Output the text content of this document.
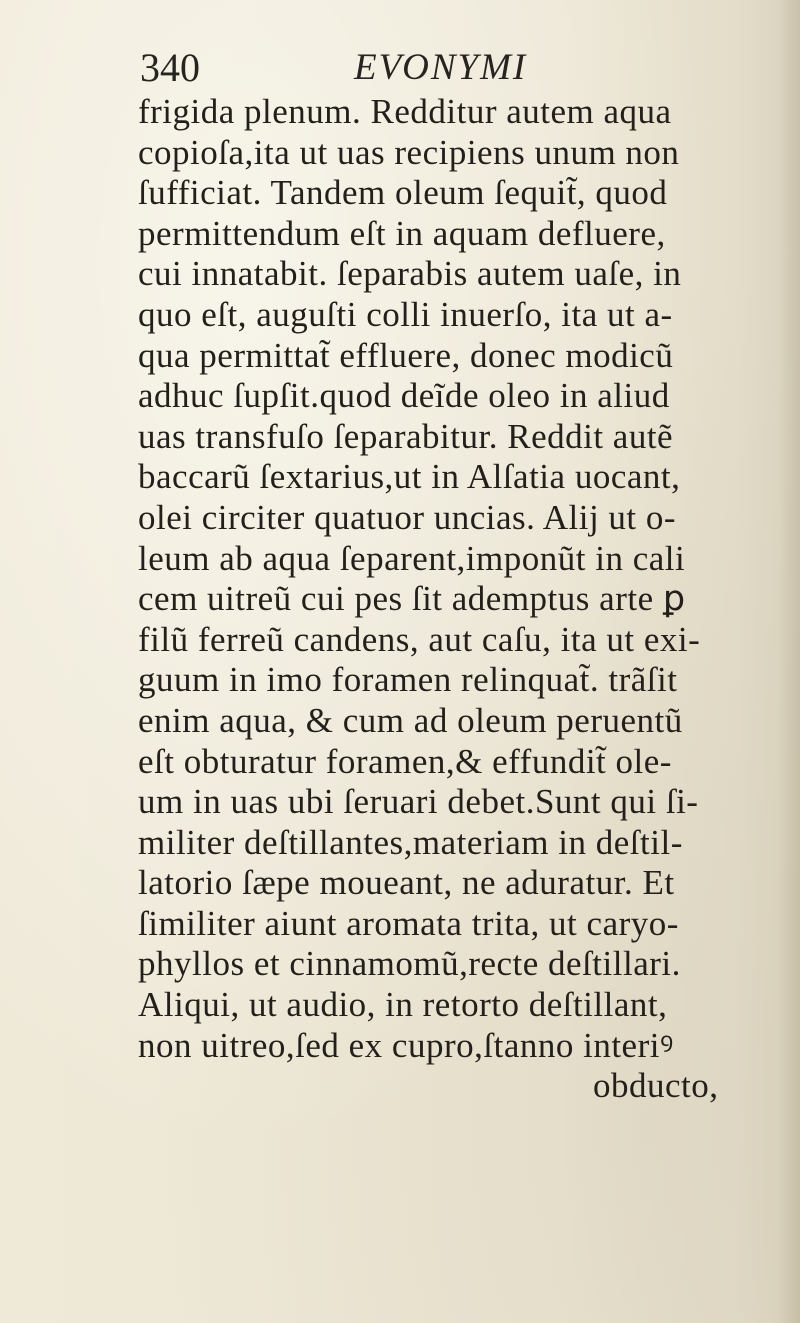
340	EVONYMI
frigida plenum. Redditur autem aqua
copioſa,ita ut uas recipiens unum non
ſufficiat. Tandem oleum ſequit̃, quod
permittendum eſt in aquam defluere,
cui innatabit. ſeparabis autem uaſe, in
quo eſt, auguſti colli inuerſo, ita ut a-
qua permittat̃ effluere, donec modicũ
adhuc ſupſit.quod deĩde oleo in aliud
uas transfuſo ſeparabitur. Reddit autẽ
baccarũ ſextarius,ut in Alſatia uocant,
olei circiter quatuor uncias. Alij ut o-
leum ab aqua ſeparent,imponũt in cali
cem uitreũ cui pes ſit ademptus arte ꝑ
filũ ferreũ candens, aut caſu, ita ut exi-
guum in imo foramen relinquat̃. trãſit
enim aqua, & cum ad oleum peruentũ
eſt obturatur foramen,& effundit̃ ole-
um in uas ubi ſeruari debet.Sunt qui ſi-
militer deſtillantes,materiam in deſtil-
latorio ſæpe moueant, ne aduratur. Et
ſimiliter aiunt aromata trita, ut caryo-
phyllos et cinnamomũ,recte deſtillari.
Aliqui, ut audio, in retorto deſtillant,
non uitreo,ſed ex cupro,ſtanno interiꝰ
obducto,
